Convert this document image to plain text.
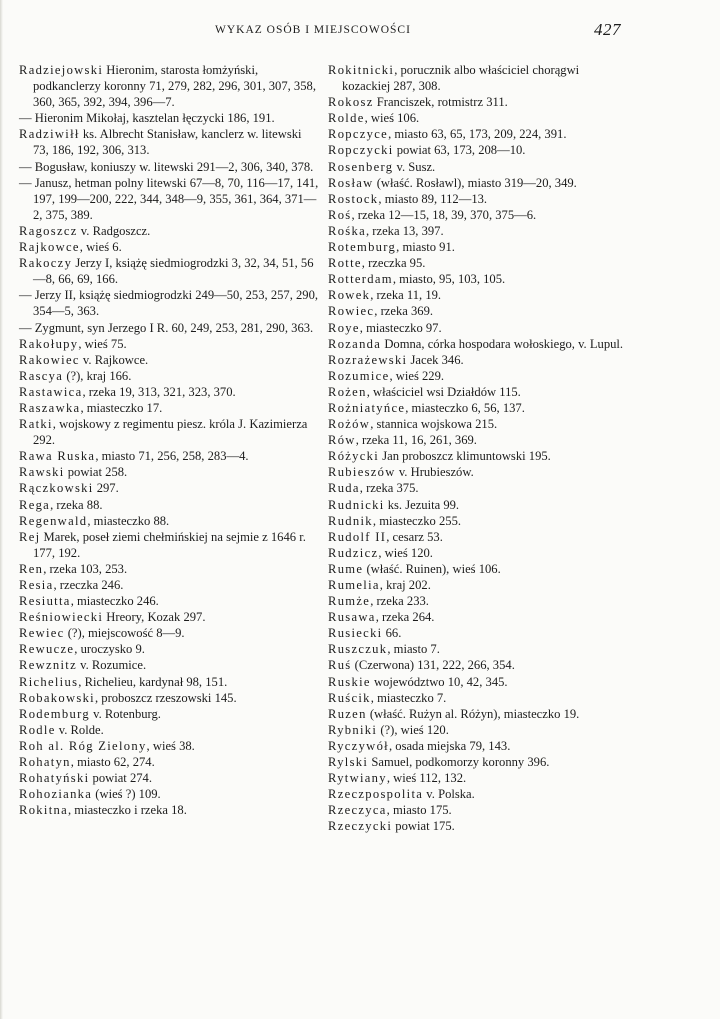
WYKAZ OSÓB I MIEJSCOWOŚCI	427
Radziejowski Hieronim, starosta łomżyński, podkanclerzy koronny 71, 279, 282, 296, 301, 307, 358, 360, 365, 392, 394, 396—7.
— Hieronim Mikołaj, kasztelan łęczycki 186, 191.
Radziwiłł ks. Albrecht Stanisław, kanclerz w. litewski 73, 186, 192, 306, 313.
— Bogusław, koniuszy w. litewski 291—2, 306, 340, 378.
— Janusz, hetman polny litewski 67—8, 70, 116—17, 141, 197, 199—200, 222, 344, 348—9, 355, 361, 364, 371—2, 375, 389.
Ragoszcz v. Radgoszcz.
Rajkowce, wieś 6.
Rakoczy Jerzy I, książę siedmiogrodzki 3, 32, 34, 51, 56—8, 66, 69, 166.
— Jerzy II, książę siedmiogrodzki 249—50, 253, 257, 290, 354—5, 363.
— Zygmunt, syn Jerzego I R. 60, 249, 253, 281, 290, 363.
Rakołupy, wieś 75.
Rakowiec v. Rajkowce.
Rascya (?), kraj 166.
Rastawica, rzeka 19, 313, 321, 323, 370.
Raszawka, miasteczko 17.
Ratki, wojskowy z regimentu piesz. króla J. Kazimierza 292.
Rawa Ruska, miasto 71, 256, 258, 283—4.
Rawski powiat 258.
Rączkowski 297.
Rega, rzeka 88.
Regenwald, miasteczko 88.
Rej Marek, poseł ziemi chełmińskiej na sejmie z 1646 r. 177, 192.
Ren, rzeka 103, 253.
Resia, rzeczka 246.
Resiutta, miasteczko 246.
Reśniowiecki Hreory, Kozak 297.
Rewiec (?), miejscowość 8—9.
Rewucze, uroczysko 9.
Rewznitz v. Rozumice.
Richelius, Richelieu, kardynał 98, 151.
Robakowski, proboszcz rzeszowski 145.
Rodemburg v. Rotenburg.
Rodle v. Rolde.
Roh al. Róg Zielony, wieś 38.
Rohatyn, miasto 62, 274.
Rohatyński powiat 274.
Rohozianka (wieś ?) 109.
Rokitna, miasteczko i rzeka 18.
Rokitnicki, porucznik albo właściciel chorągwi kozackiej 287, 308.
Rokosz Franciszek, rotmistrz 311.
Rolde, wieś 106.
Ropczyce, miasto 63, 65, 173, 209, 224, 391.
Ropczycki powiat 63, 173, 208—10.
Rosenberg v. Susz.
Rosław (właść. Rosławl), miasto 319—20, 349.
Rostock, miasto 89, 112—13.
Roś, rzeka 12—15, 18, 39, 370, 375—6.
Rośka, rzeka 13, 397.
Rotemburg, miasto 91.
Rotte, rzeczka 95.
Rotterdam, miasto, 95, 103, 105.
Rowek, rzeka 11, 19.
Rowiec, rzeka 369.
Roye, miasteczko 97.
Rozanda Domna, córka hospodara wołoskiego, v. Lupul.
Rozrażewski Jacek 346.
Rozumice, wieś 229.
Rożen, właściciel wsi Działdów 115.
Rożniatyńce, miasteczko 6, 56, 137.
Rożów, stannica wojskowa 215.
Rów, rzeka 11, 16, 261, 369.
Różycki Jan proboszcz klimuntowski 195.
Rubieszów v. Hrubieszów.
Ruda, rzeka 375.
Rudnicki ks. Jezuita 99.
Rudnik, miasteczko 255.
Rudolf II, cesarz 53.
Rudzicz, wieś 120.
Rume (właść. Ruinen), wieś 106.
Rumelia, kraj 202.
Rumże, rzeka 233.
Rusawa, rzeka 264.
Rusiecki 66.
Ruszczuk, miasto 7.
Ruś (Czerwona) 131, 222, 266, 354.
Ruskie województwo 10, 42, 345.
Ruścik, miasteczko 7.
Ruzen (właść. Rużyn al. Różyn), miasteczko 19.
Rybniki (?), wieś 120.
Ryczywół, osada miejska 79, 143.
Rylski Samuel, podkomorzy koronny 396.
Rytwiany, wieś 112, 132.
Rzeczpospolita v. Polska.
Rzeczyca, miasto 175.
Rzeczycki powiat 175.
